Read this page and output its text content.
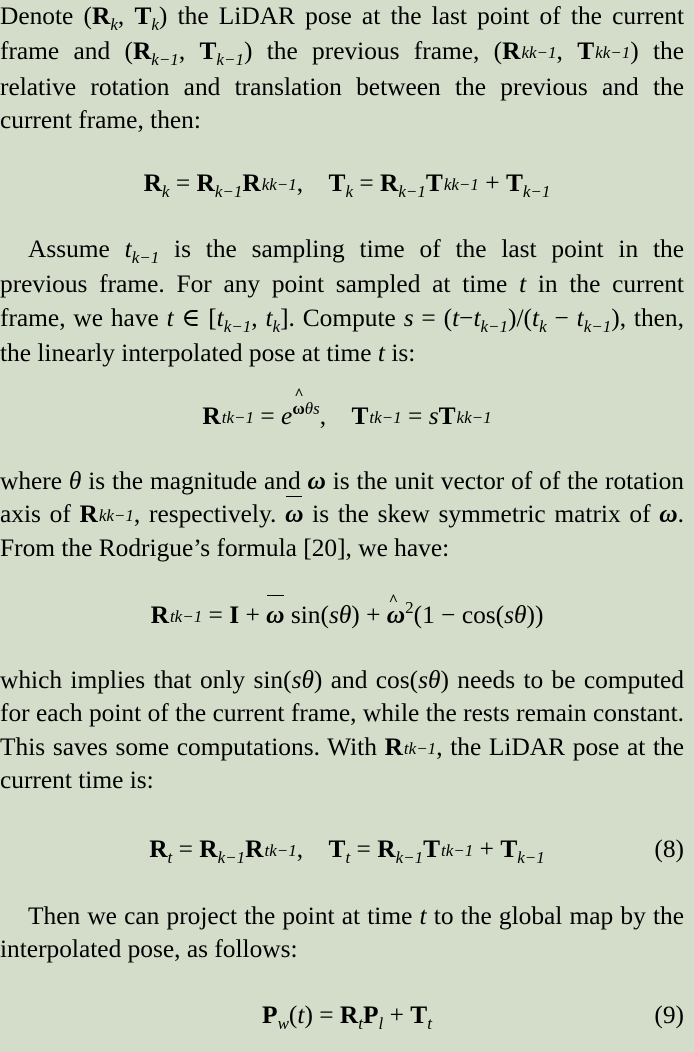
Denote ($R_k$, $T_k$) the LiDAR pose at the last point of the current frame and ($R_{k-1}$, $T_{k-1}$) the previous frame, (Rkk−1, Tkk−1) the relative rotation and translation between the previous and the current frame, then:

$R_k = R_{k-1}Rkk-1$,    $T_k = R_{k-1}Tkk-1 + T_{k-1}$

Assume $t_{k-1}$ is the sampling time of the last point in the previous frame. For any point sampled at time t in the current frame, we have t ∈ [$t_{k-1}$, $t_k$]. Compute $s = (t-t_{k-1})/(t_k - t_{k-1})$, then, the linearly interpolated pose at time t is:

Rtk−1 = e^ $^{\omega\theta s}$,    Ttk−1 = sTkk−1

where θ is the magnitude and ω is the unit vector of of the rotation axis of Rkk−1, respectively. ω is the skew symmetric matrix of ω. From the Rodrigue’s formula [20], we have:

Rtk−1 = I + ω sin(sθ) + ^ $\omega^2(1 - \cos(s\theta))$

which implies that only sin(sθ) and cos(sθ) needs to be computed for each point of the current frame, while the rests remain constant. This saves some computations. With Rtk−1, the LiDAR pose at the current time is:

$R_t = R_{k-1}Rtk-1$,    $T_t = R_{k-1}Ttk-1 + T_{k-1}$	(8)

Then we can project the point at time t to the global map by the interpolated pose, as follows:

$P_w(t) = R_tP_l + T_t$	(9)
